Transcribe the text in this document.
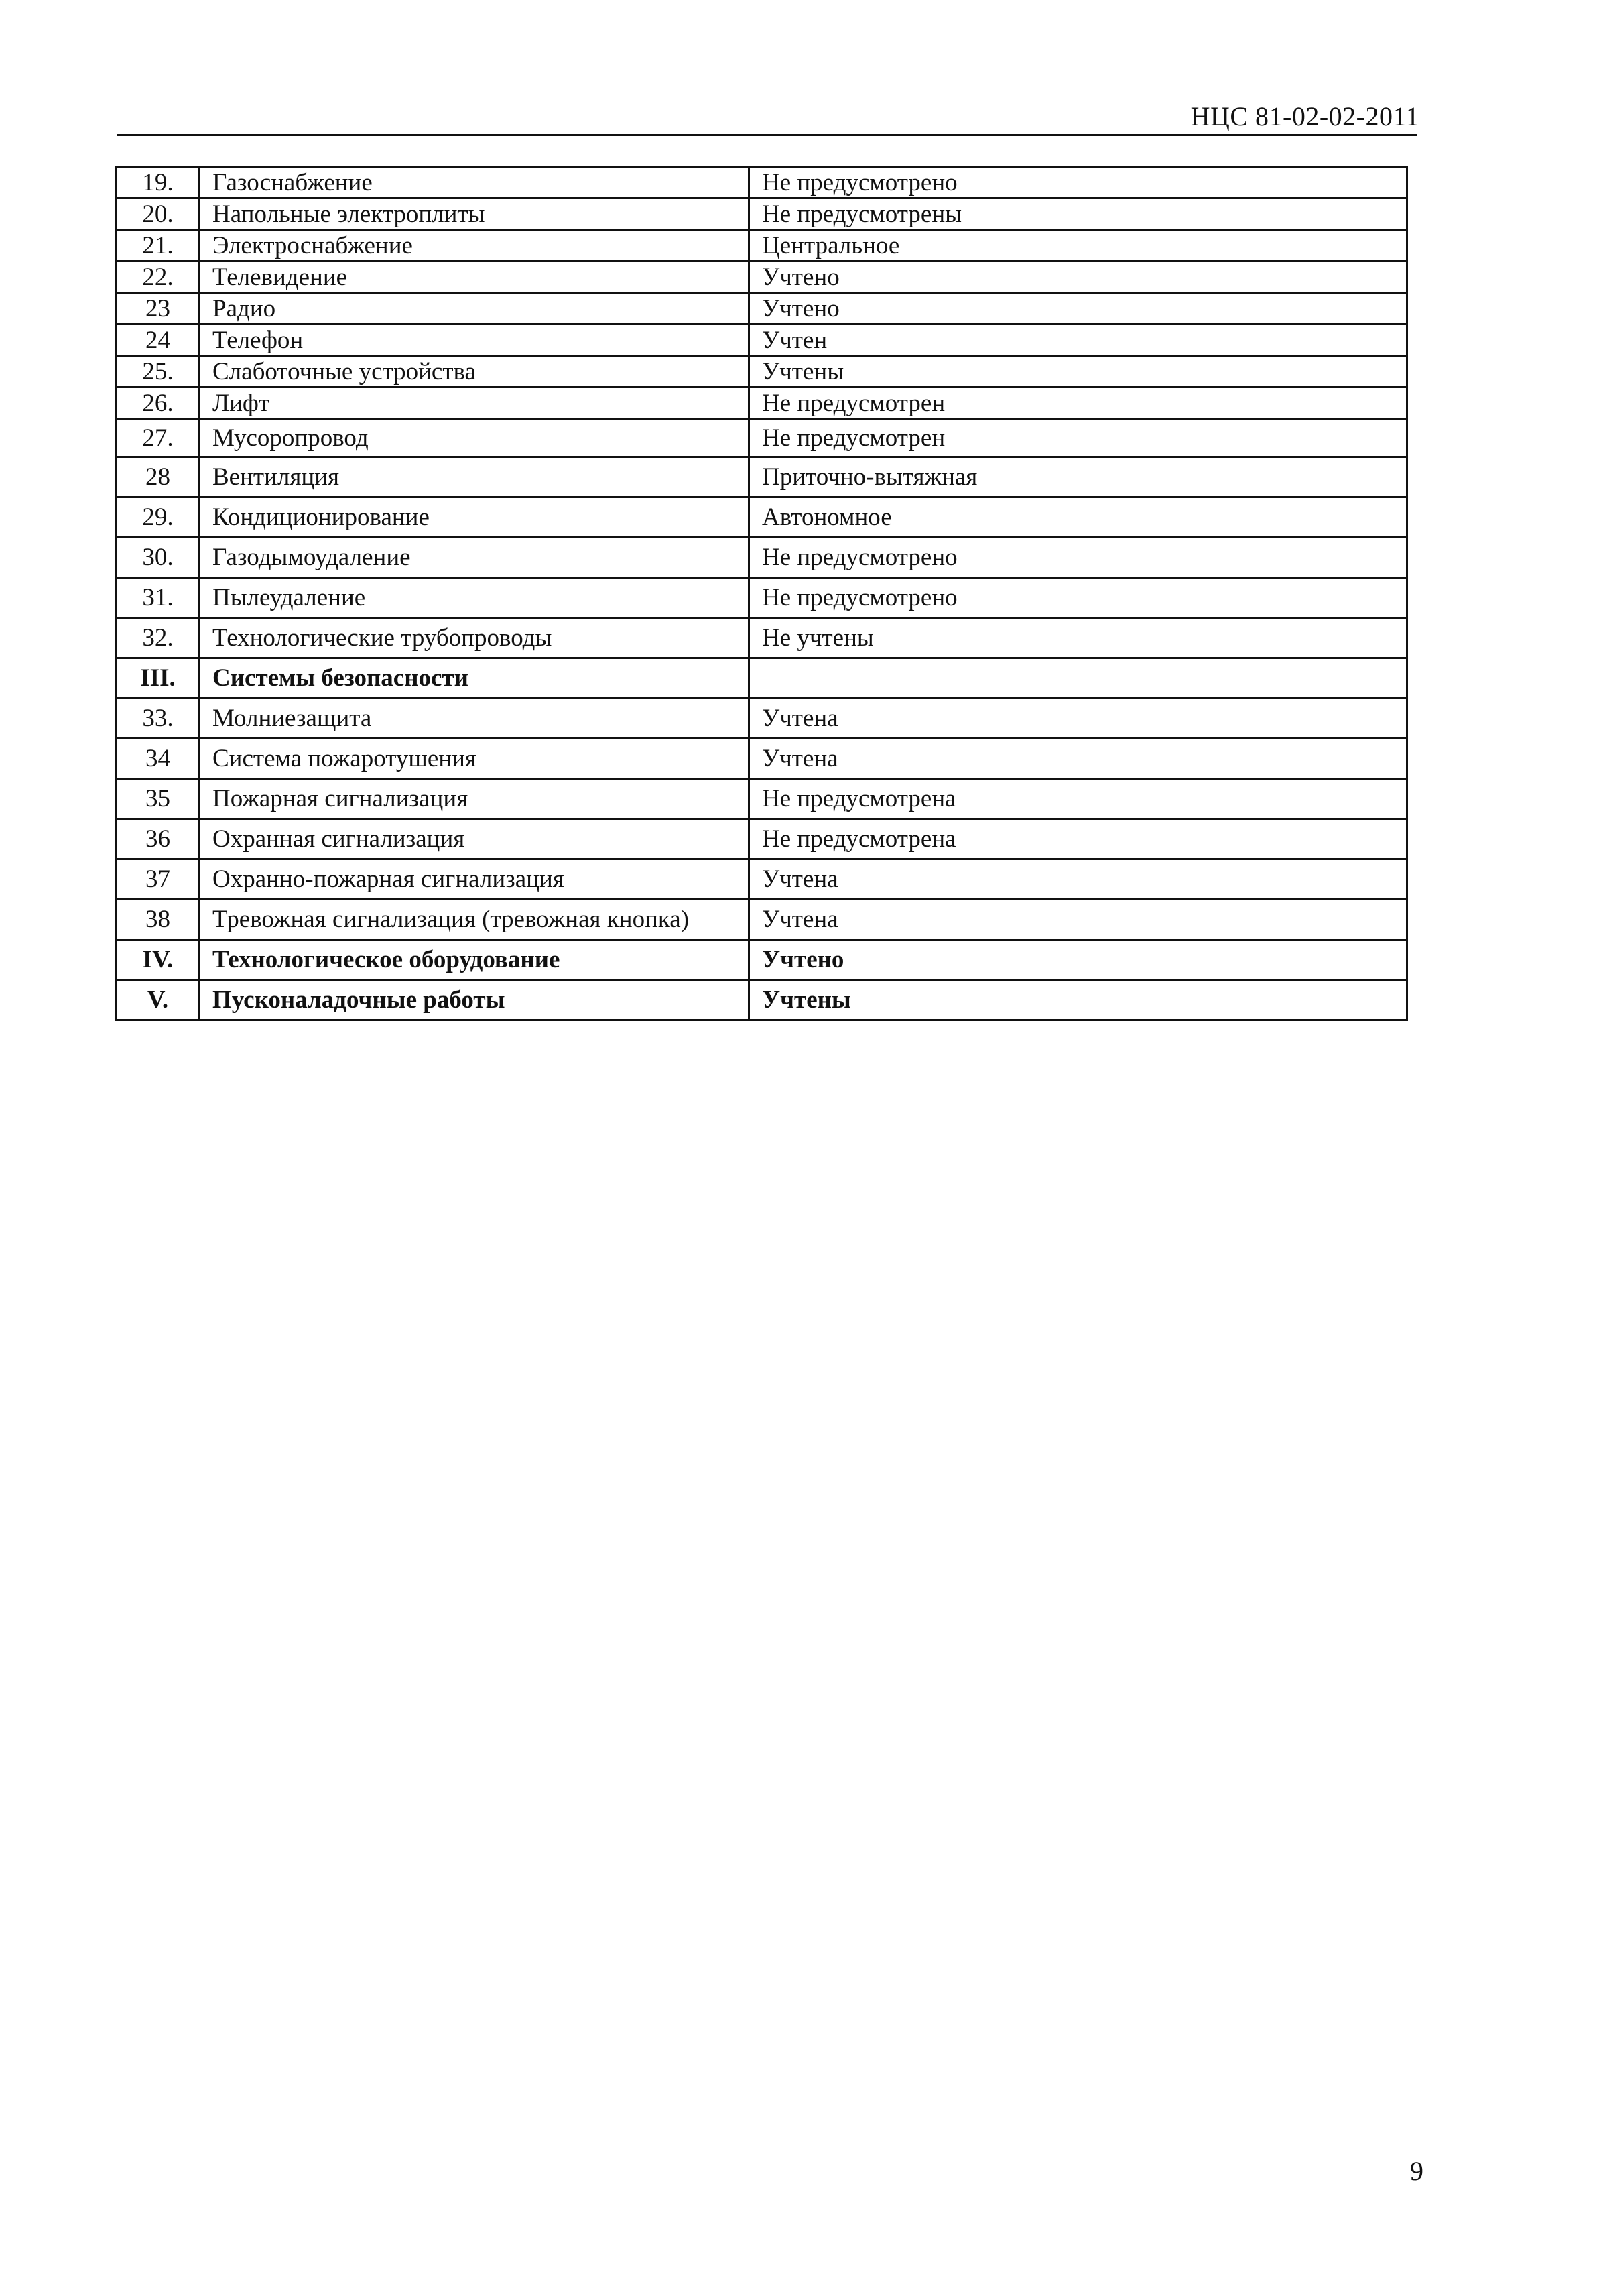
НЦС 81-02-02-2011
19.	Газоснабжение	Не предусмотрено
20.	Напольные электроплиты	Не предусмотрены
21.	Электроснабжение	Центральное
22.	Телевидение	Учтено
23	Радио	Учтено
24	Телефон	Учтен
25.	Слаботочные устройства	Учтены
26.	Лифт	Не предусмотрен
27.	Мусоропровод	Не предусмотрен
28	Вентиляция	Приточно-вытяжная
29.	Кондиционирование	Автономное
30.	Газодымоудаление	Не предусмотрено
31.	Пылеудаление	Не предусмотрено
32.	Технологические трубопроводы	Не учтены
III.	Системы безопасности	
33.	Молниезащита	Учтена
34	Система пожаротушения	Учтена
35	Пожарная сигнализация	Не предусмотрена
36	Охранная сигнализация	Не предусмотрена
37	Охранно-пожарная сигнализация	Учтена
38	Тревожная сигнализация (тревожная кнопка)	Учтена
IV.	Технологическое оборудование	Учтено
V.	Пусконаладочные работы	Учтены
9
